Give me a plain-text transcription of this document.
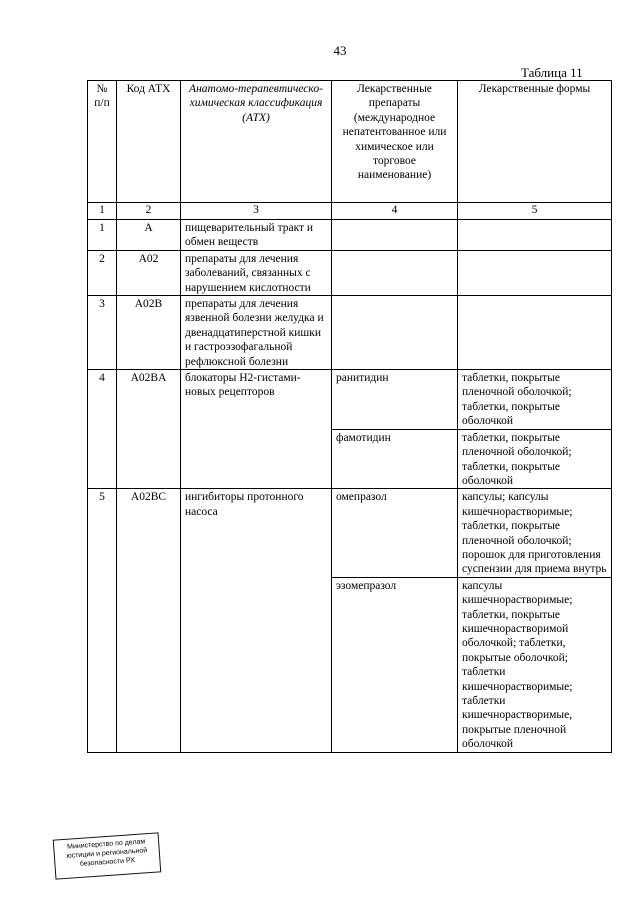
43
Таблица 11
№ п/п	Код АТХ	Анатомо-терапевтическо-химическая классификация (АТХ)	Лекарственные препараты (международное непатентованное или химическое или торговое наименование)	Лекарственные формы
1	2	3	4	5
1	A	пищеварительный тракт и обмен веществ		
2	A02	препараты для лечения заболеваний, связанных с нарушением кислотности		
3	A02B	препараты для лечения язвенной болезни желудка и двенадцатиперстной кишки и гастроэзофагальной рефлюксной болезни		
4	A02BA	блокаторы Н2-гистами-новых рецепторов	ранитидин	таблетки, покрытые пленочной оболочкой; таблетки, покрытые оболочкой
			фамотидин	таблетки, покрытые пленочной оболочкой; таблетки, покрытые оболочкой
5	A02BC	ингибиторы протонного насоса	омепразол	капсулы; капсулы кишечнорастворимые; таблетки, покрытые пленочной оболочкой; порошок для приготовления суспензии для приема внутрь
			эзомепразол	капсулы кишечнорастворимые; таблетки, покрытые кишечнорастворимой оболочкой; таблетки, покрытые оболочкой; таблетки кишечнорастворимые; таблетки кишечнорастворимые, покрытые пленочной оболочкой
Министерство по делам
юстиции и региональной
безопасности РХ
